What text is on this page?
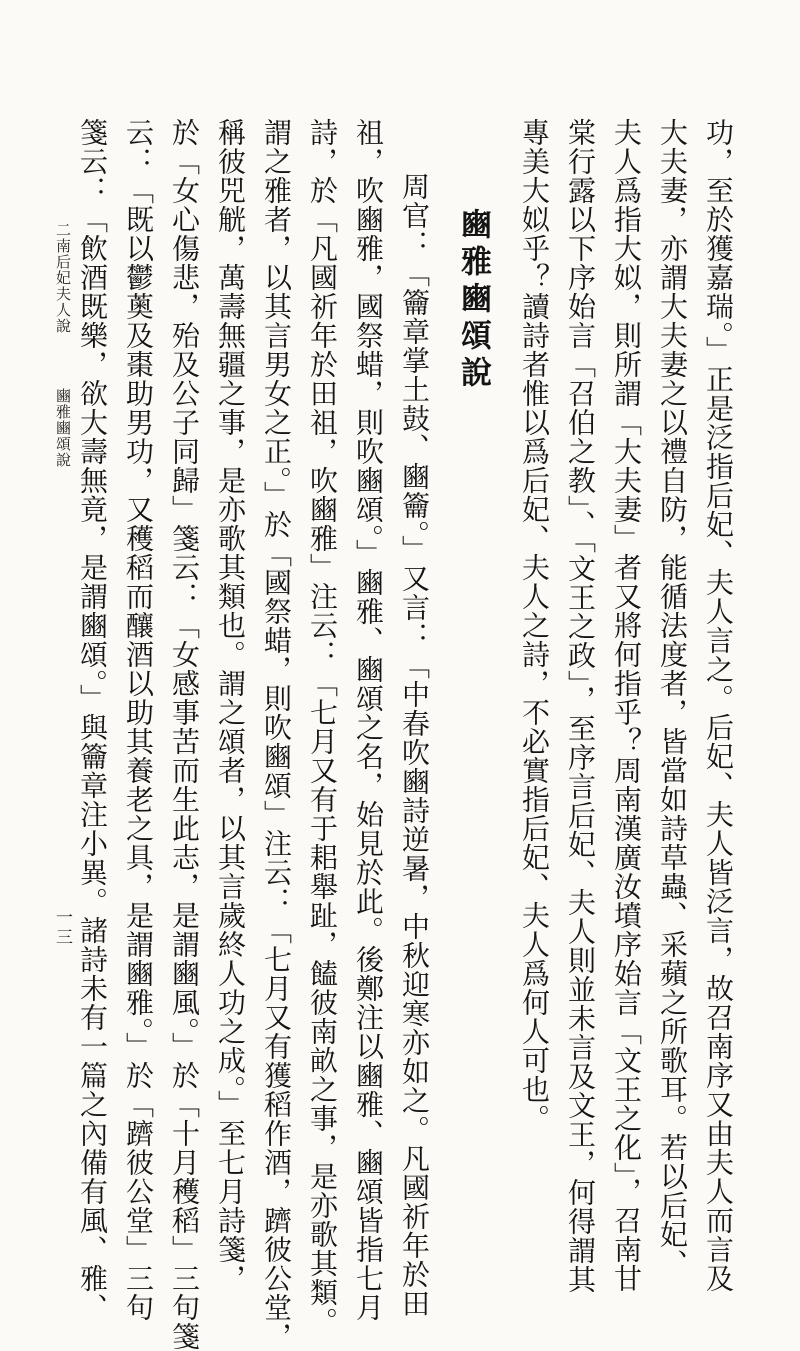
功，至於獲嘉瑞。」正是泛指后妃、夫人言之。后妃、夫人皆泛言，故召南序又由夫人而言及
大夫妻，亦謂大夫妻之以禮自防，能循法度者，皆當如詩草蟲、采蘋之所歌耳。若以后妃、
夫人爲指大姒，則所謂「大夫妻」者又將何指乎？周南漢廣汝墳序始言「文王之化」，召南甘
棠行露以下序始言「召伯之教」、「文王之政」，至序言后妃、夫人則並未言及文王，何得謂其
專美大姒乎？讀詩者惟以爲后妃、夫人之詩，不必實指后妃、夫人爲何人可也。
豳雅豳頌說
周官：「籥章掌土鼓、豳籥。」又言：「中春吹豳詩逆暑，中秋迎寒亦如之。凡國祈年於田
祖，吹豳雅，國祭蜡，則吹豳頌。」豳雅、豳頌之名，始見於此。後鄭注以豳雅、豳頌皆指七月
詩，於「凡國祈年於田祖，吹豳雅」注云：「七月又有于耜舉趾，饁彼南畝之事，是亦歌其類。
謂之雅者，以其言男女之正。」於「國祭蜡，則吹豳頌」注云：「七月又有獲稻作酒，躋彼公堂，
稱彼兕觥，萬壽無疆之事，是亦歌其類也。謂之頌者，以其言歲終人功之成。」至七月詩箋，
於「女心傷悲，殆及公子同歸」箋云：「女感事苦而生此志，是謂豳風。」於「十月穫稻」三句箋
云：「既以鬱薁及棗助男功，又穫稻而釀酒以助其養老之具，是謂豳雅。」於「躋彼公堂」三句
箋云：「飲酒既樂，欲大壽無竟，是謂豳頌。」與籥章注小異。諸詩未有一篇之內備有風、雅、
二南后妃夫人說
豳雅豳頌說
一三
